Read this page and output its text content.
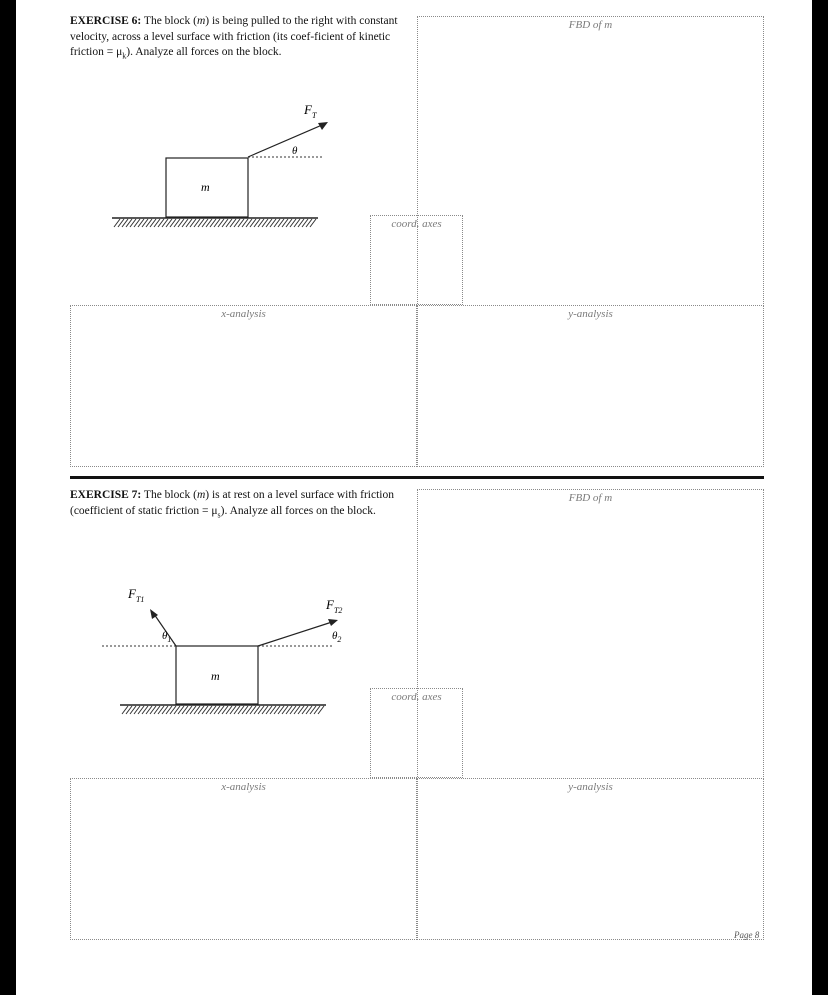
EXERCISE 6: The block (m) is being pulled to the right with constant velocity, across a level surface with friction (its coef-ficient of kinetic friction = $\mu_k$). Analyze all forces on the block.
m
$F_T$
θ
FBD of m
coord. axes
x-analysis	y-analysis
EXERCISE 7: The block (m) is at rest on a level surface with friction (coefficient of static friction = $\mu_s$). Analyze all forces on the block.
m
$F_{T1}$
$\theta_1$
$F_{T2}$
$\theta_2$
FBD of m
coord. axes
x-analysis	y-analysis
Page 8
